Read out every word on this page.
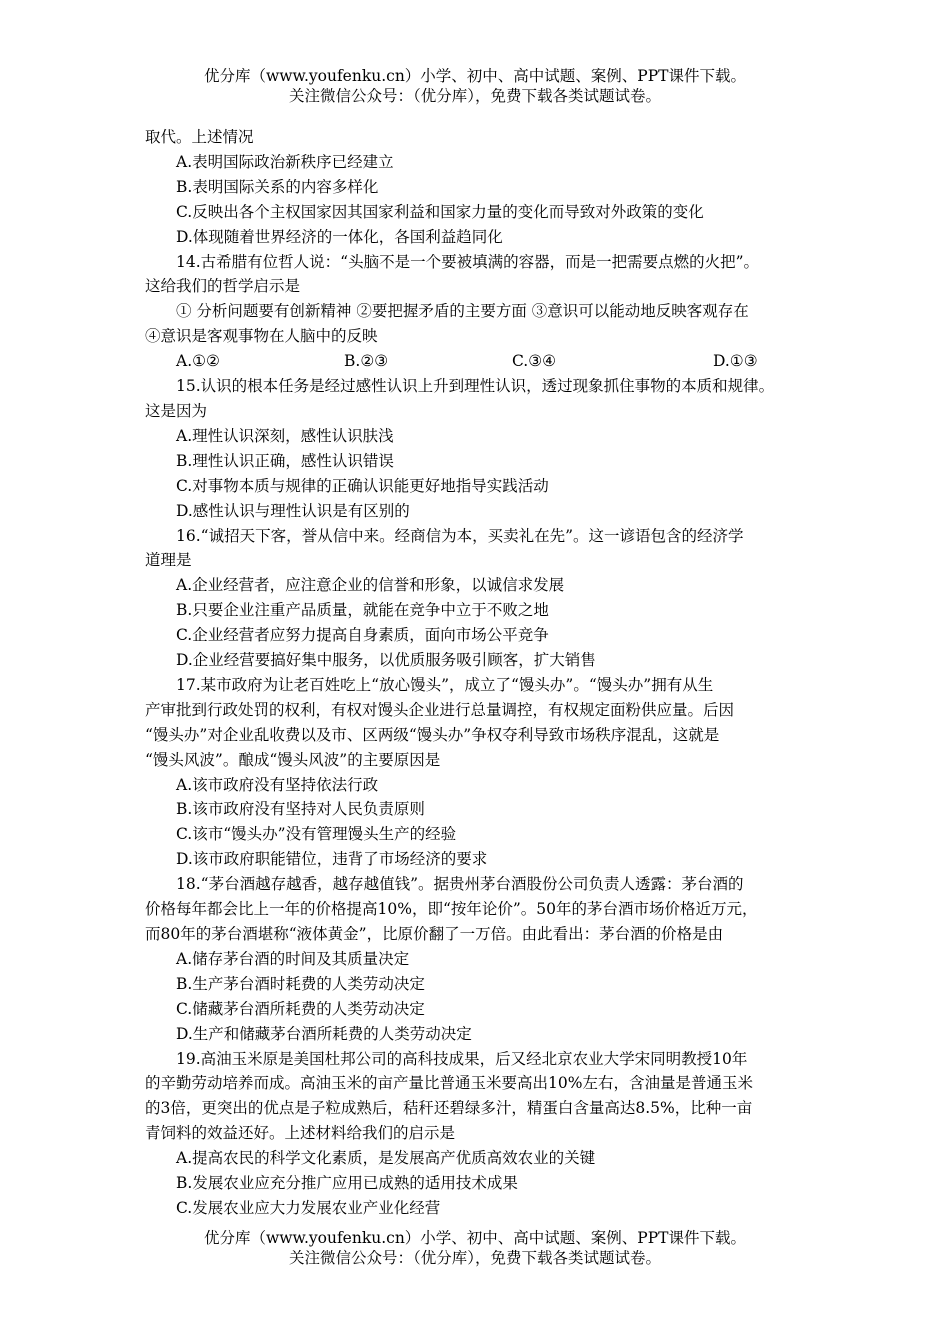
优分库（www.youfenku.cn）小学、初中、高中试题、案例、PPT课件下载。
关注微信公众号：（优分库），免费下载各类试题试卷。

取代。上述情况

A.表明国际政治新秩序已经建立

B.表明国际关系的内容多样化

C.反映出各个主权国家因其国家利益和国家力量的变化而导致对外政策的变化

D.体现随着世界经济的一体化，各国利益趋同化

14.古希腊有位哲人说：“头脑不是一个要被填满的容器，而是一把需要点燃的火把”。

这给我们的哲学启示是

① 分析问题要有创新精神 ②要把握矛盾的主要方面 ③意识可以能动地反映客观存在

④意识是客观事物在人脑中的反映

A.①②	B.②③	C.③④	D.①③

15.认识的根本任务是经过感性认识上升到理性认识，透过现象抓住事物的本质和规律。

这是因为

A.理性认识深刻，感性认识肤浅

B.理性认识正确，感性认识错误

C.对事物本质与规律的正确认识能更好地指导实践活动

D.感性认识与理性认识是有区别的

16.“诚招天下客，誉从信中来。经商信为本，买卖礼在先”。这一谚语包含的经济学

道理是

A.企业经营者，应注意企业的信誉和形象，以诚信求发展

B.只要企业注重产品质量，就能在竞争中立于不败之地

C.企业经营者应努力提高自身素质，面向市场公平竞争

D.企业经营要搞好集中服务，以优质服务吸引顾客，扩大销售

17.某市政府为让老百姓吃上“放心馒头”，成立了“馒头办”。“馒头办”拥有从生

产审批到行政处罚的权利，有权对馒头企业进行总量调控，有权规定面粉供应量。后因

“馒头办”对企业乱收费以及市、区两级“馒头办”争权夺利导致市场秩序混乱，这就是

“馒头风波”。酿成“馒头风波”的主要原因是

A.该市政府没有坚持依法行政

B.该市政府没有坚持对人民负责原则

C.该市“馒头办”没有管理馒头生产的经验

D.该市政府职能错位，违背了市场经济的要求

18.“茅台酒越存越香，越存越值钱”。据贵州茅台酒股份公司负责人透露：茅台酒的

价格每年都会比上一年的价格提高10%，即“按年论价”。50年的茅台酒市场价格近万元，

而80年的茅台酒堪称“液体黄金”，比原价翻了一万倍。由此看出：茅台酒的价格是由

A.储存茅台酒的时间及其质量决定

B.生产茅台酒时耗费的人类劳动决定

C.储藏茅台酒所耗费的人类劳动决定

D.生产和储藏茅台酒所耗费的人类劳动决定

19.高油玉米原是美国杜邦公司的高科技成果，后又经北京农业大学宋同明教授10年

的辛勤劳动培养而成。高油玉米的亩产量比普通玉米要高出10%左右，含油量是普通玉米

的3倍，更突出的优点是子粒成熟后，秸秆还碧绿多汁，精蛋白含量高达8.5%，比种一亩

青饲料的效益还好。上述材料给我们的启示是

A.提高农民的科学文化素质，是发展高产优质高效农业的关键

B.发展农业应充分推广应用已成熟的适用技术成果

C.发展农业应大力发展农业产业化经营

优分库（www.youfenku.cn）小学、初中、高中试题、案例、PPT课件下载。
关注微信公众号：（优分库），免费下载各类试题试卷。
